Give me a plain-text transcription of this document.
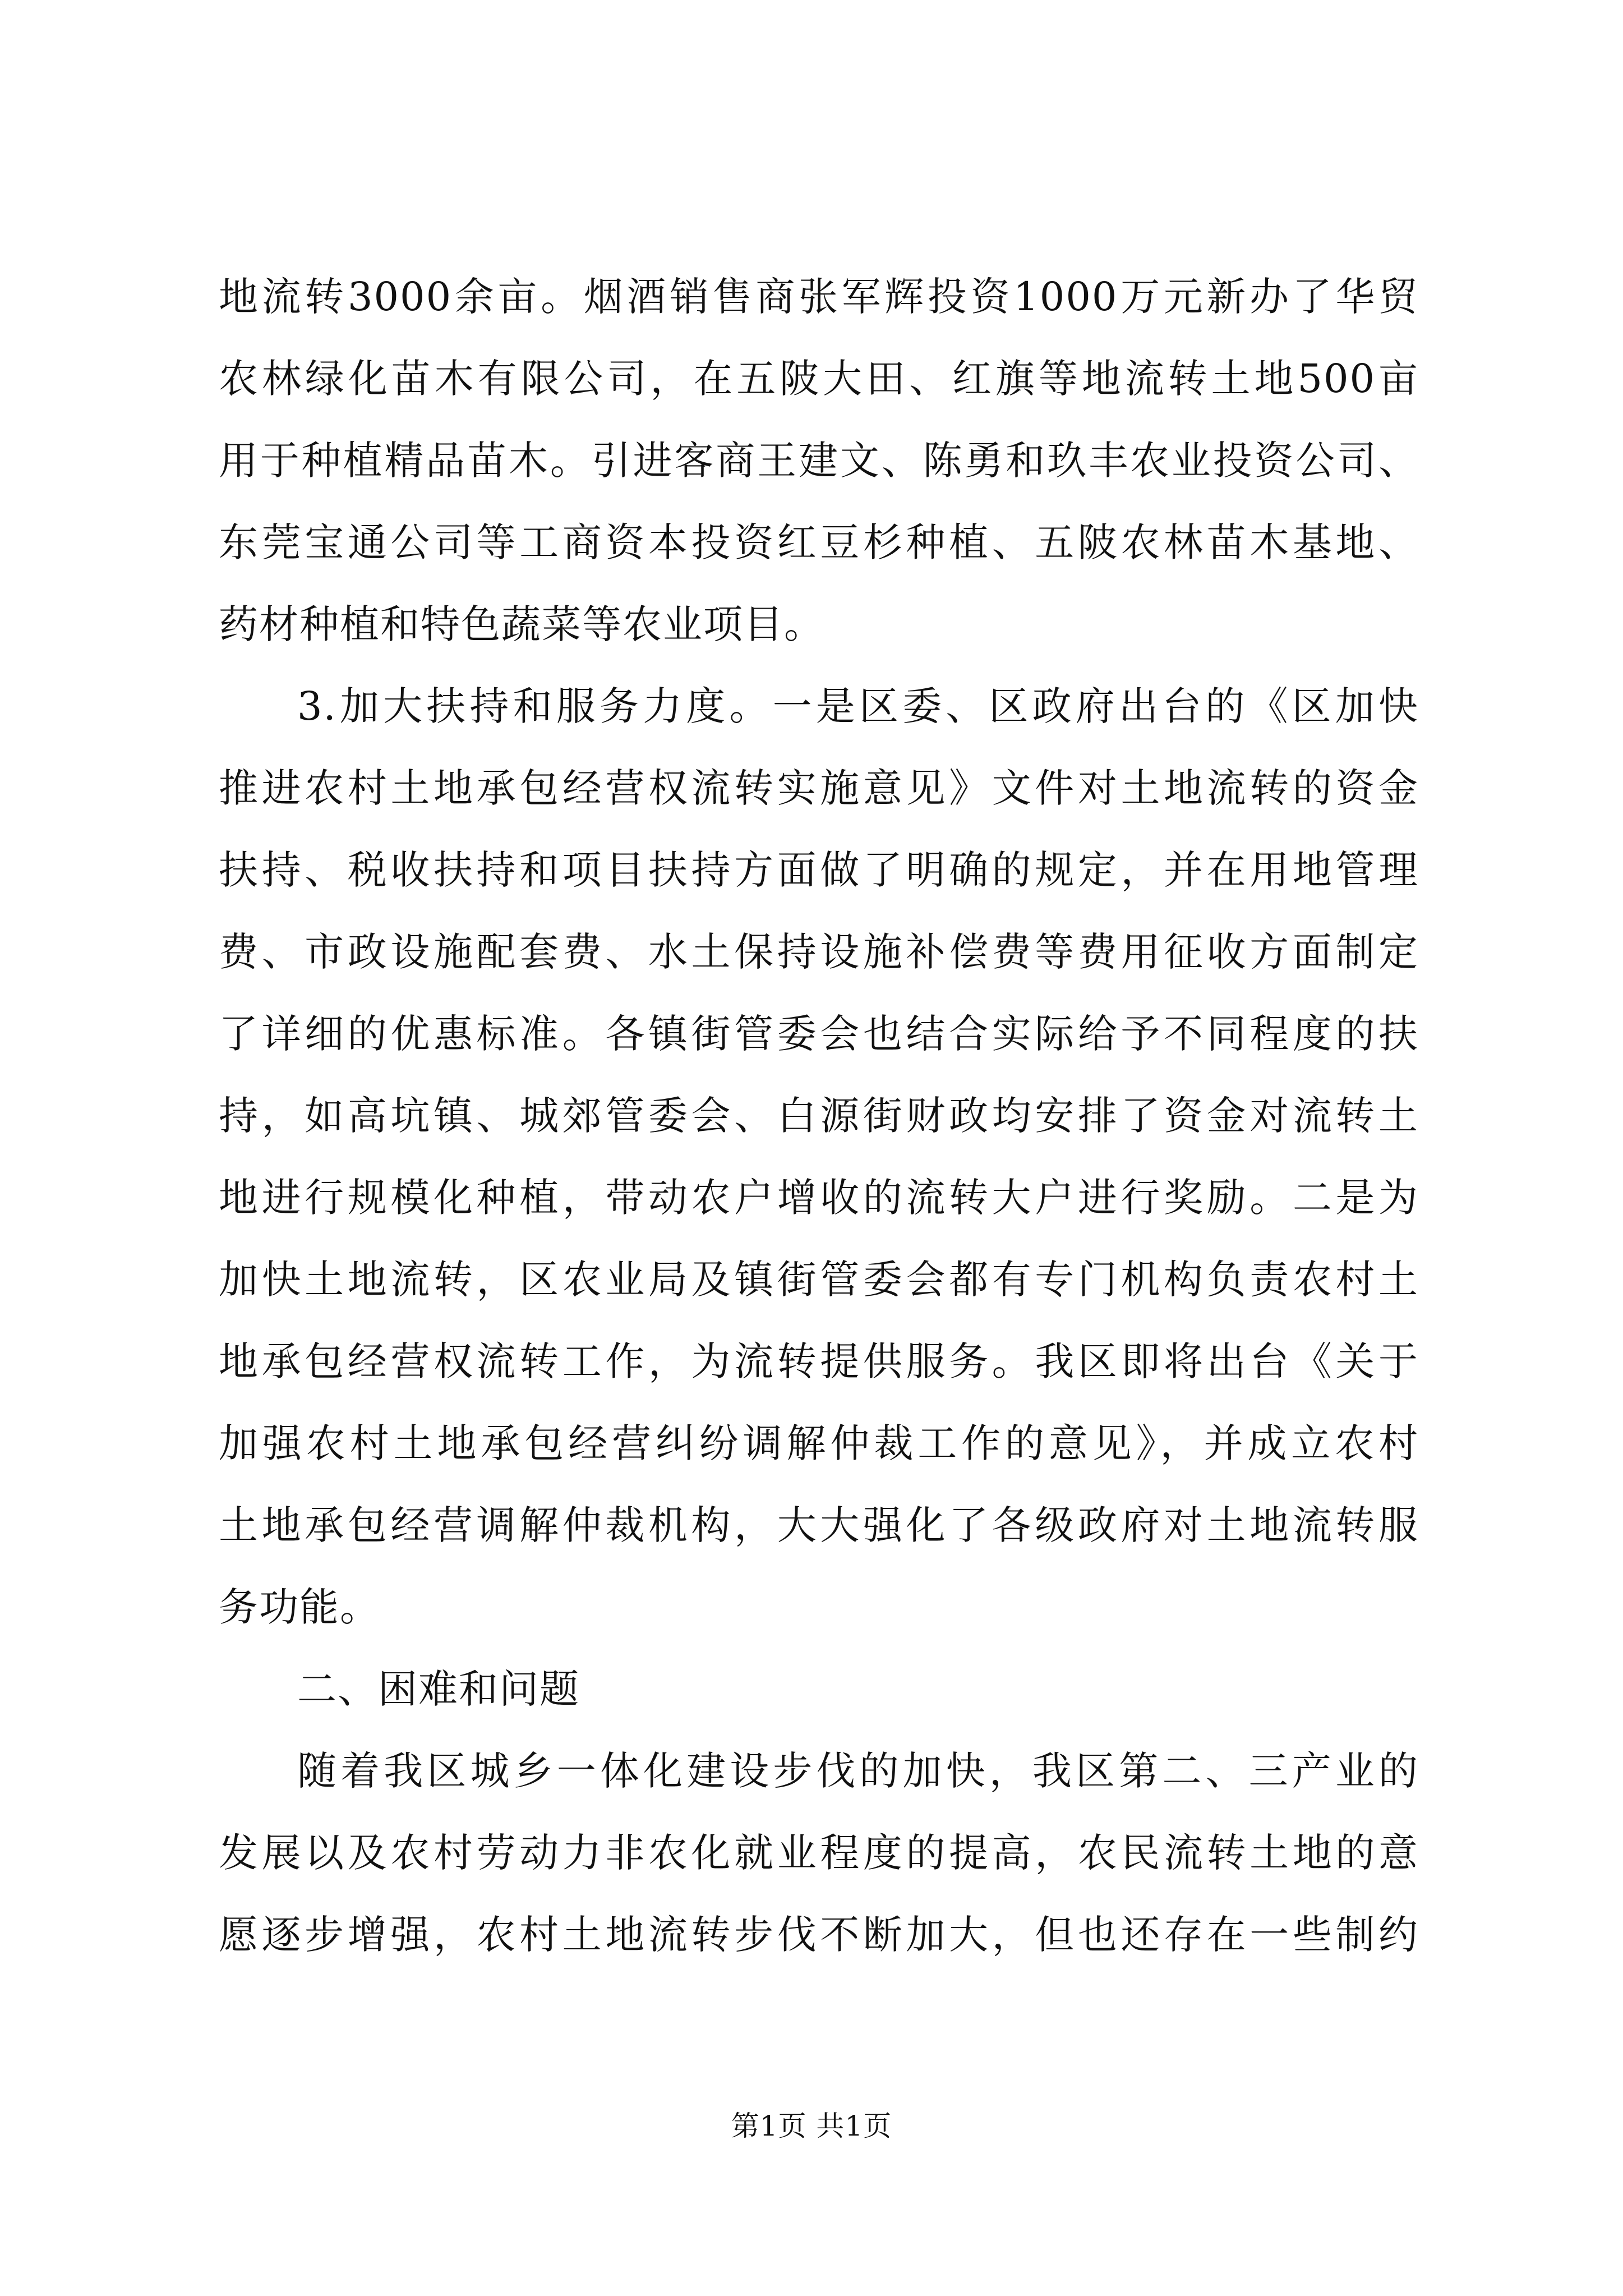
地流转3000余亩。烟酒销售商张军辉投资1000万元新办了华贸
农林绿化苗木有限公司，在五陂大田、红旗等地流转土地500亩
用于种植精品苗木。引进客商王建文、陈勇和玖丰农业投资公司、
东莞宝通公司等工商资本投资红豆杉种植、五陂农林苗木基地、
药材种植和特色蔬菜等农业项目。
3.加大扶持和服务力度。一是区委、区政府出台的《区加快
推进农村土地承包经营权流转实施意见》文件对土地流转的资金
扶持、税收扶持和项目扶持方面做了明确的规定，并在用地管理
费、市政设施配套费、水土保持设施补偿费等费用征收方面制定
了详细的优惠标准。各镇街管委会也结合实际给予不同程度的扶
持，如高坑镇、城郊管委会、白源街财政均安排了资金对流转土
地进行规模化种植，带动农户增收的流转大户进行奖励。二是为
加快土地流转，区农业局及镇街管委会都有专门机构负责农村土
地承包经营权流转工作，为流转提供服务。我区即将出台《关于
加强农村土地承包经营纠纷调解仲裁工作的意见》，并成立农村
土地承包经营调解仲裁机构，大大强化了各级政府对土地流转服
务功能。
二、困难和问题
随着我区城乡一体化建设步伐的加快，我区第二、三产业的
发展以及农村劳动力非农化就业程度的提高，农民流转土地的意
愿逐步增强，农村土地流转步伐不断加大，但也还存在一些制约
第1页 共1页
